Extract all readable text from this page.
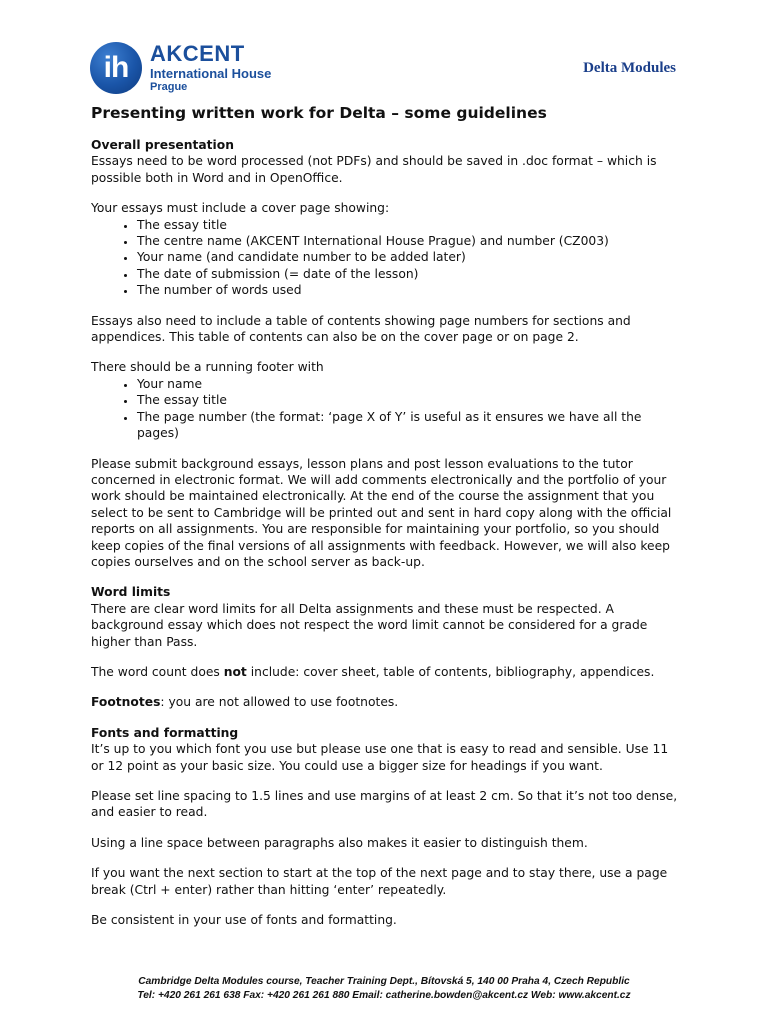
ih AKCENT
International House
Prague
Delta Modules
Presenting written work for Delta – some guidelines
Overall presentation

Essays need to be word processed (not PDFs) and should be saved in .doc format – which is possible both in Word and in OpenOffice.

Your essays must include a cover page showing:
• The essay title
• The centre name (AKCENT International House Prague) and number (CZ003)
• Your name (and candidate number to be added later)
• The date of submission (= date of the lesson)
• The number of words used

Essays also need to include a table of contents showing page numbers for sections and appendices. This table of contents can also be on the cover page or on page 2.

There should be a running footer with
• Your name
• The essay title
• The page number (the format: ‘page X of Y’ is useful as it ensures we have all the pages)

Please submit background essays, lesson plans and post lesson evaluations to the tutor concerned in electronic format. We will add comments electronically and the portfolio of your work should be maintained electronically. At the end of the course the assignment that you select to be sent to Cambridge will be printed out and sent in hard copy along with the official reports on all assignments. You are responsible for maintaining your portfolio, so you should keep copies of the final versions of all assignments with feedback. However, we will also keep copies ourselves and on the school server as back-up.

Word limits

There are clear word limits for all Delta assignments and these must be respected. A background essay which does not respect the word limit cannot be considered for a grade higher than Pass.

The word count does not include: cover sheet, table of contents, bibliography, appendices.

Footnotes: you are not allowed to use footnotes.

Fonts and formatting

It’s up to you which font you use but please use one that is easy to read and sensible. Use 11 or 12 point as your basic size. You could use a bigger size for headings if you want.

Please set line spacing to 1.5 lines and use margins of at least 2 cm. So that it’s not too dense, and easier to read.

Using a line space between paragraphs also makes it easier to distinguish them.

If you want the next section to start at the top of the next page and to stay there, use a page break (Ctrl + enter) rather than hitting ‘enter’ repeatedly.

Be consistent in your use of fonts and formatting.

Cambridge Delta Modules course, Teacher Training Dept., Bítovská 5, 140 00 Praha 4, Czech Republic
Tel: +420 261 261 638 Fax: +420 261 261 880 Email: catherine.bowden@akcent.cz Web: www.akcent.cz
